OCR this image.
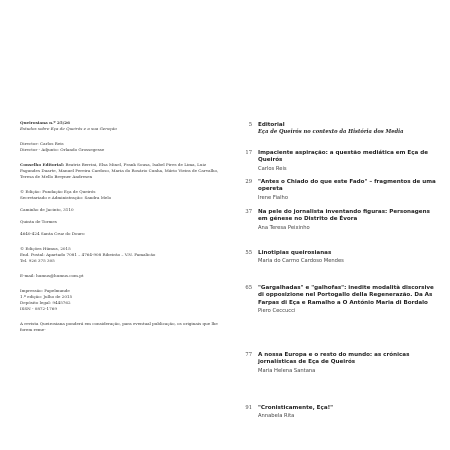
Queirosiana n.º 25/26

Estudos sobre Eça de Queirós e a sua Geração

Director: Carlos Reis

Director - Adjunto: Orlando Grossegesse

Conselho Editorial: Beatriz Berrini, Elsa Minel, Frank Sousa, Isabel Pires de Lima, Luiz Fagundes Duarte, Manuel Pereira Cardoso, Maria do Rosário Cunha, Mário Vieira de Carvalho, Teresa de Mello Breyner Andresen

© Edição: Fundação Eça de Queirós

Secretariado e Administração: Sandra Melo

Caminho de Jacinto, 3110

Quinta de Tormes

4640-424 Santa Cruz do Douro

© Edições Húmus, 2015

End. Postal: Apartado 7081 – 4764-908 Ribeirão – V.N. Famalicão

Tel. 926 375 305

E-mail: humus@humus.com.pt

Impressão: Papelmunde

1.ª edição: Julho de 2015

Depósito legal: 9445762

ISSN - 0872-1769

A revista Queirosiana ponderá em consideração, para eventual publicação, os originais que lhe forem reme-

5 Editorial
Eça de Queirós no contexto da História dos Media
17 Impaciente aspiração: a questão mediática em Eça de Queirós
Carlos Reis
29 "Antes o Chiado do que este Fado" – fragmentos de uma opereta
Irene Fialho
37 Na pele do jornalista inventando figuras: Personagens em génese no Distrito de Évora
Ana Teresa Peixinho
55 Linotipias queirosianas
Maria do Carmo Cardoso Mendes
65 "Gargalhadas" e "galhofas": inedite modalità discorsive di opposizione nel Portogallo della Regenerazão. Da As Farpas di Eça e Ramalho a O António Maria di Bordalo
Piero Ceccucci
77 A nossa Europa e o resto do mundo: as crónicas jornalísticas de Eça de Queirós
Maria Helena Santana
91 "Cronisticamente, Eça!"
Annabela Rita
